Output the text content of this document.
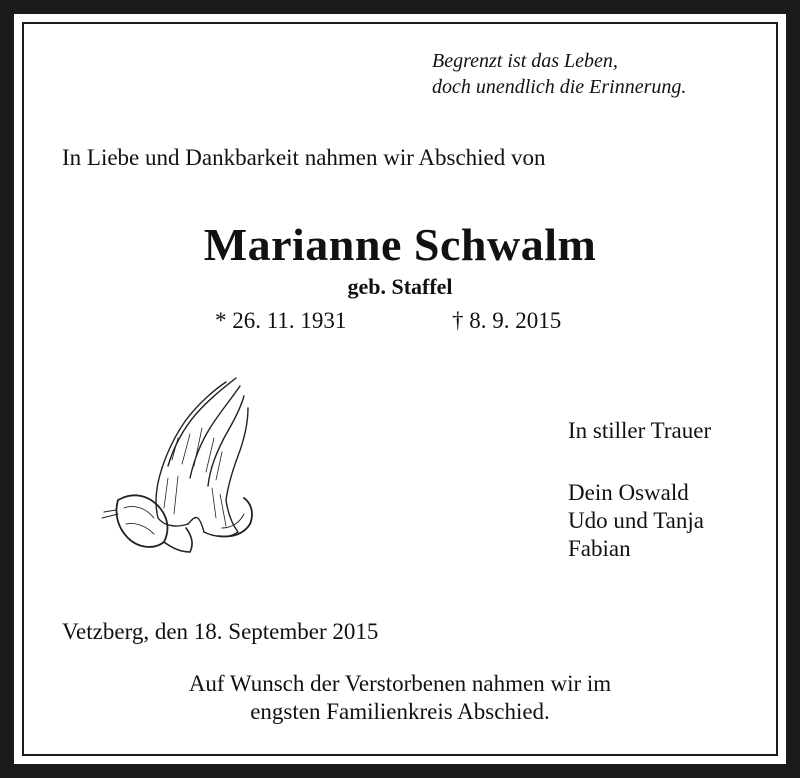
Begrenzt ist das Leben,
doch unendlich die Erinnerung.

In Liebe und Dankbarkeit nahmen wir Abschied von

Marianne Schwalm

geb. Staffel

* 26. 11. 1931	† 8. 9. 2015

In stiller Trauer

Dein Oswald
Udo und Tanja
Fabian

Vetzberg, den 18. September 2015

Auf Wunsch der Verstorbenen nahmen wir im
engsten Familienkreis Abschied.
